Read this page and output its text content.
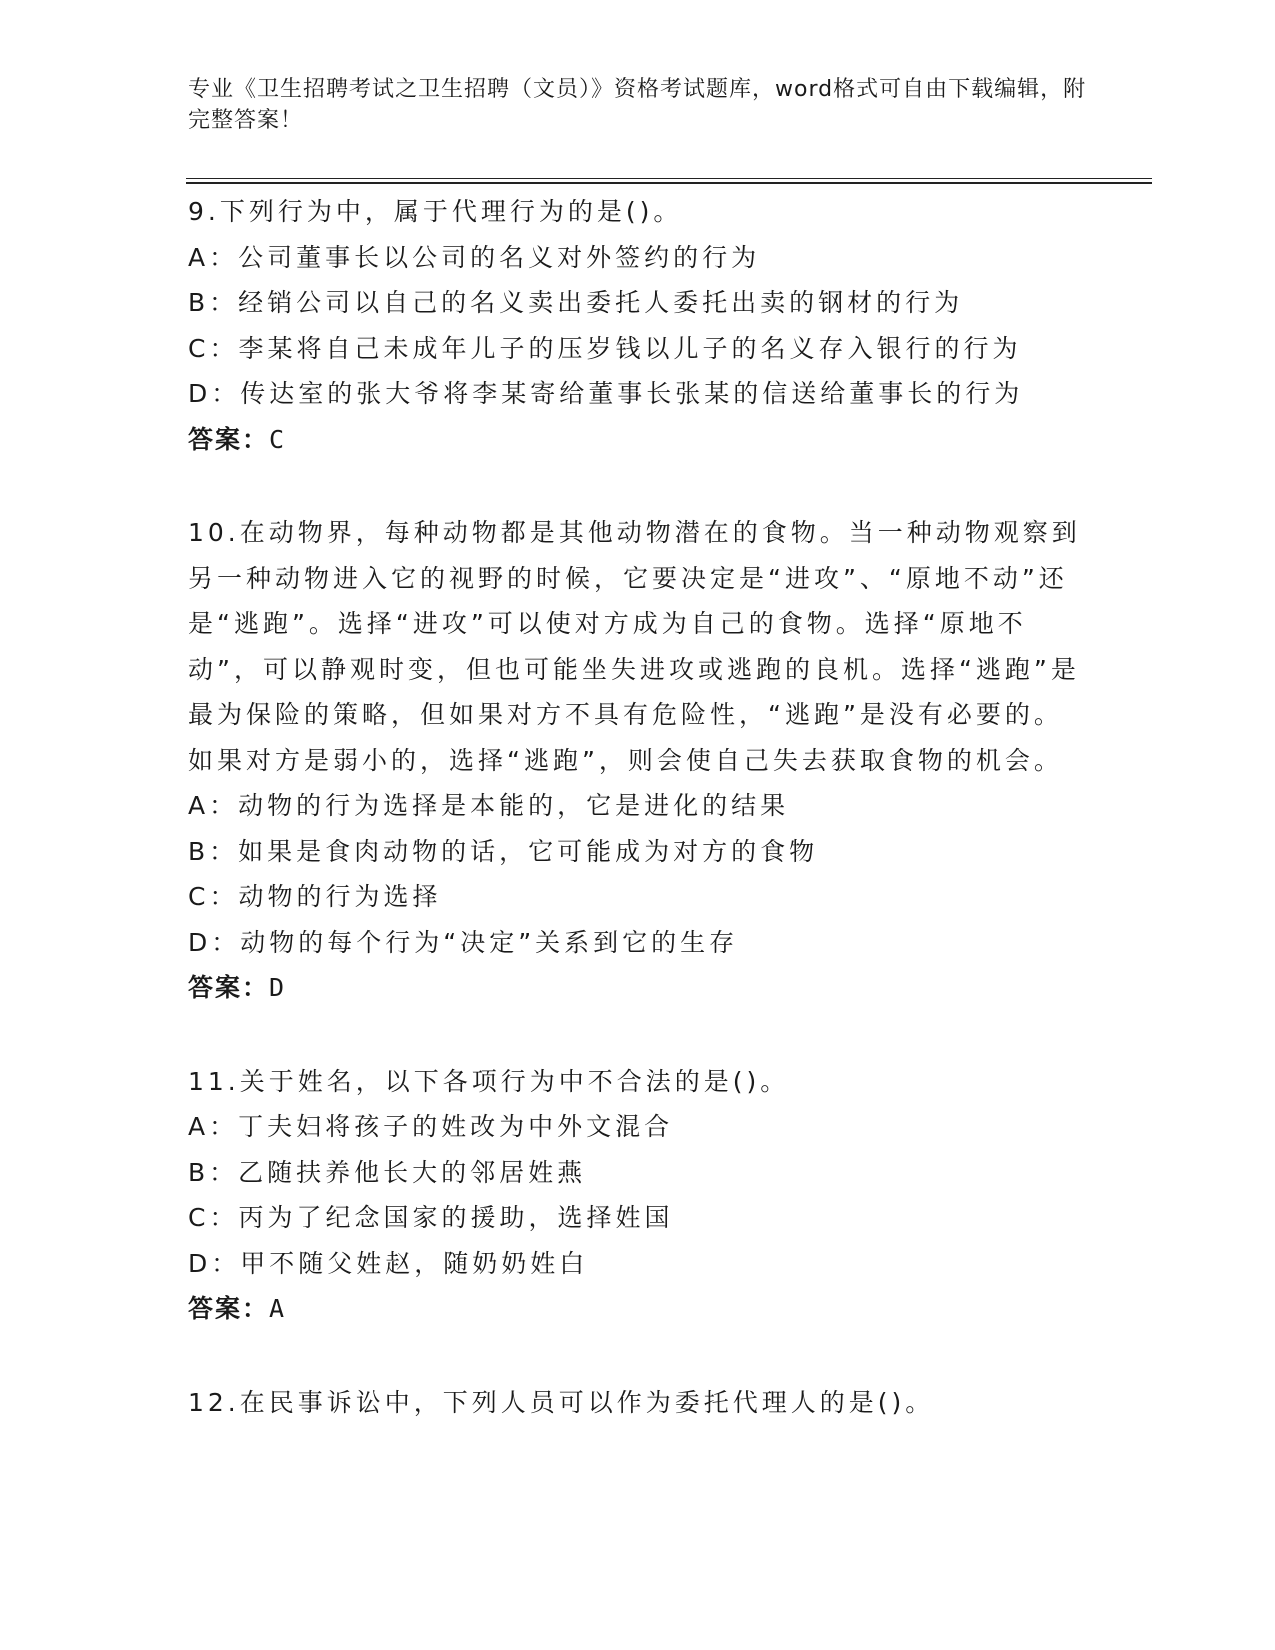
专业《卫生招聘考试之卫生招聘（文员）》资格考试题库，word格式可自由下载编辑，附完整答案！

9.下列行为中，属于代理行为的是()。

A：公司董事长以公司的名义对外签约的行为
B：经销公司以自己的名义卖出委托人委托出卖的钢材的行为
C：李某将自己未成年儿子的压岁钱以儿子的名义存入银行的行为
D：传达室的张大爷将李某寄给董事长张某的信送给董事长的行为
答案：C

10.在动物界，每种动物都是其他动物潜在的食物。当一种动物观察到另一种动物进入它的视野的时候，它要决定是“进攻”、“原地不动”还是“逃跑”。选择“进攻”可以使对方成为自己的食物。选择“原地不动”，可以静观时变，但也可能坐失进攻或逃跑的良机。选择“逃跑”是最为保险的策略，但如果对方不具有危险性，“逃跑”是没有必要的。如果对方是弱小的，选择“逃跑”，则会使自己失去获取食物的机会。

A：动物的行为选择是本能的，它是进化的结果
B：如果是食肉动物的话，它可能成为对方的食物
C：动物的行为选择
D：动物的每个行为“决定”关系到它的生存
答案：D

11.关于姓名，以下各项行为中不合法的是()。

A：丁夫妇将孩子的姓改为中外文混合
B：乙随扶养他长大的邻居姓燕
C：丙为了纪念国家的援助，选择姓国
D：甲不随父姓赵，随奶奶姓白
答案：A

12.在民事诉讼中，下列人员可以作为委托代理人的是()。
